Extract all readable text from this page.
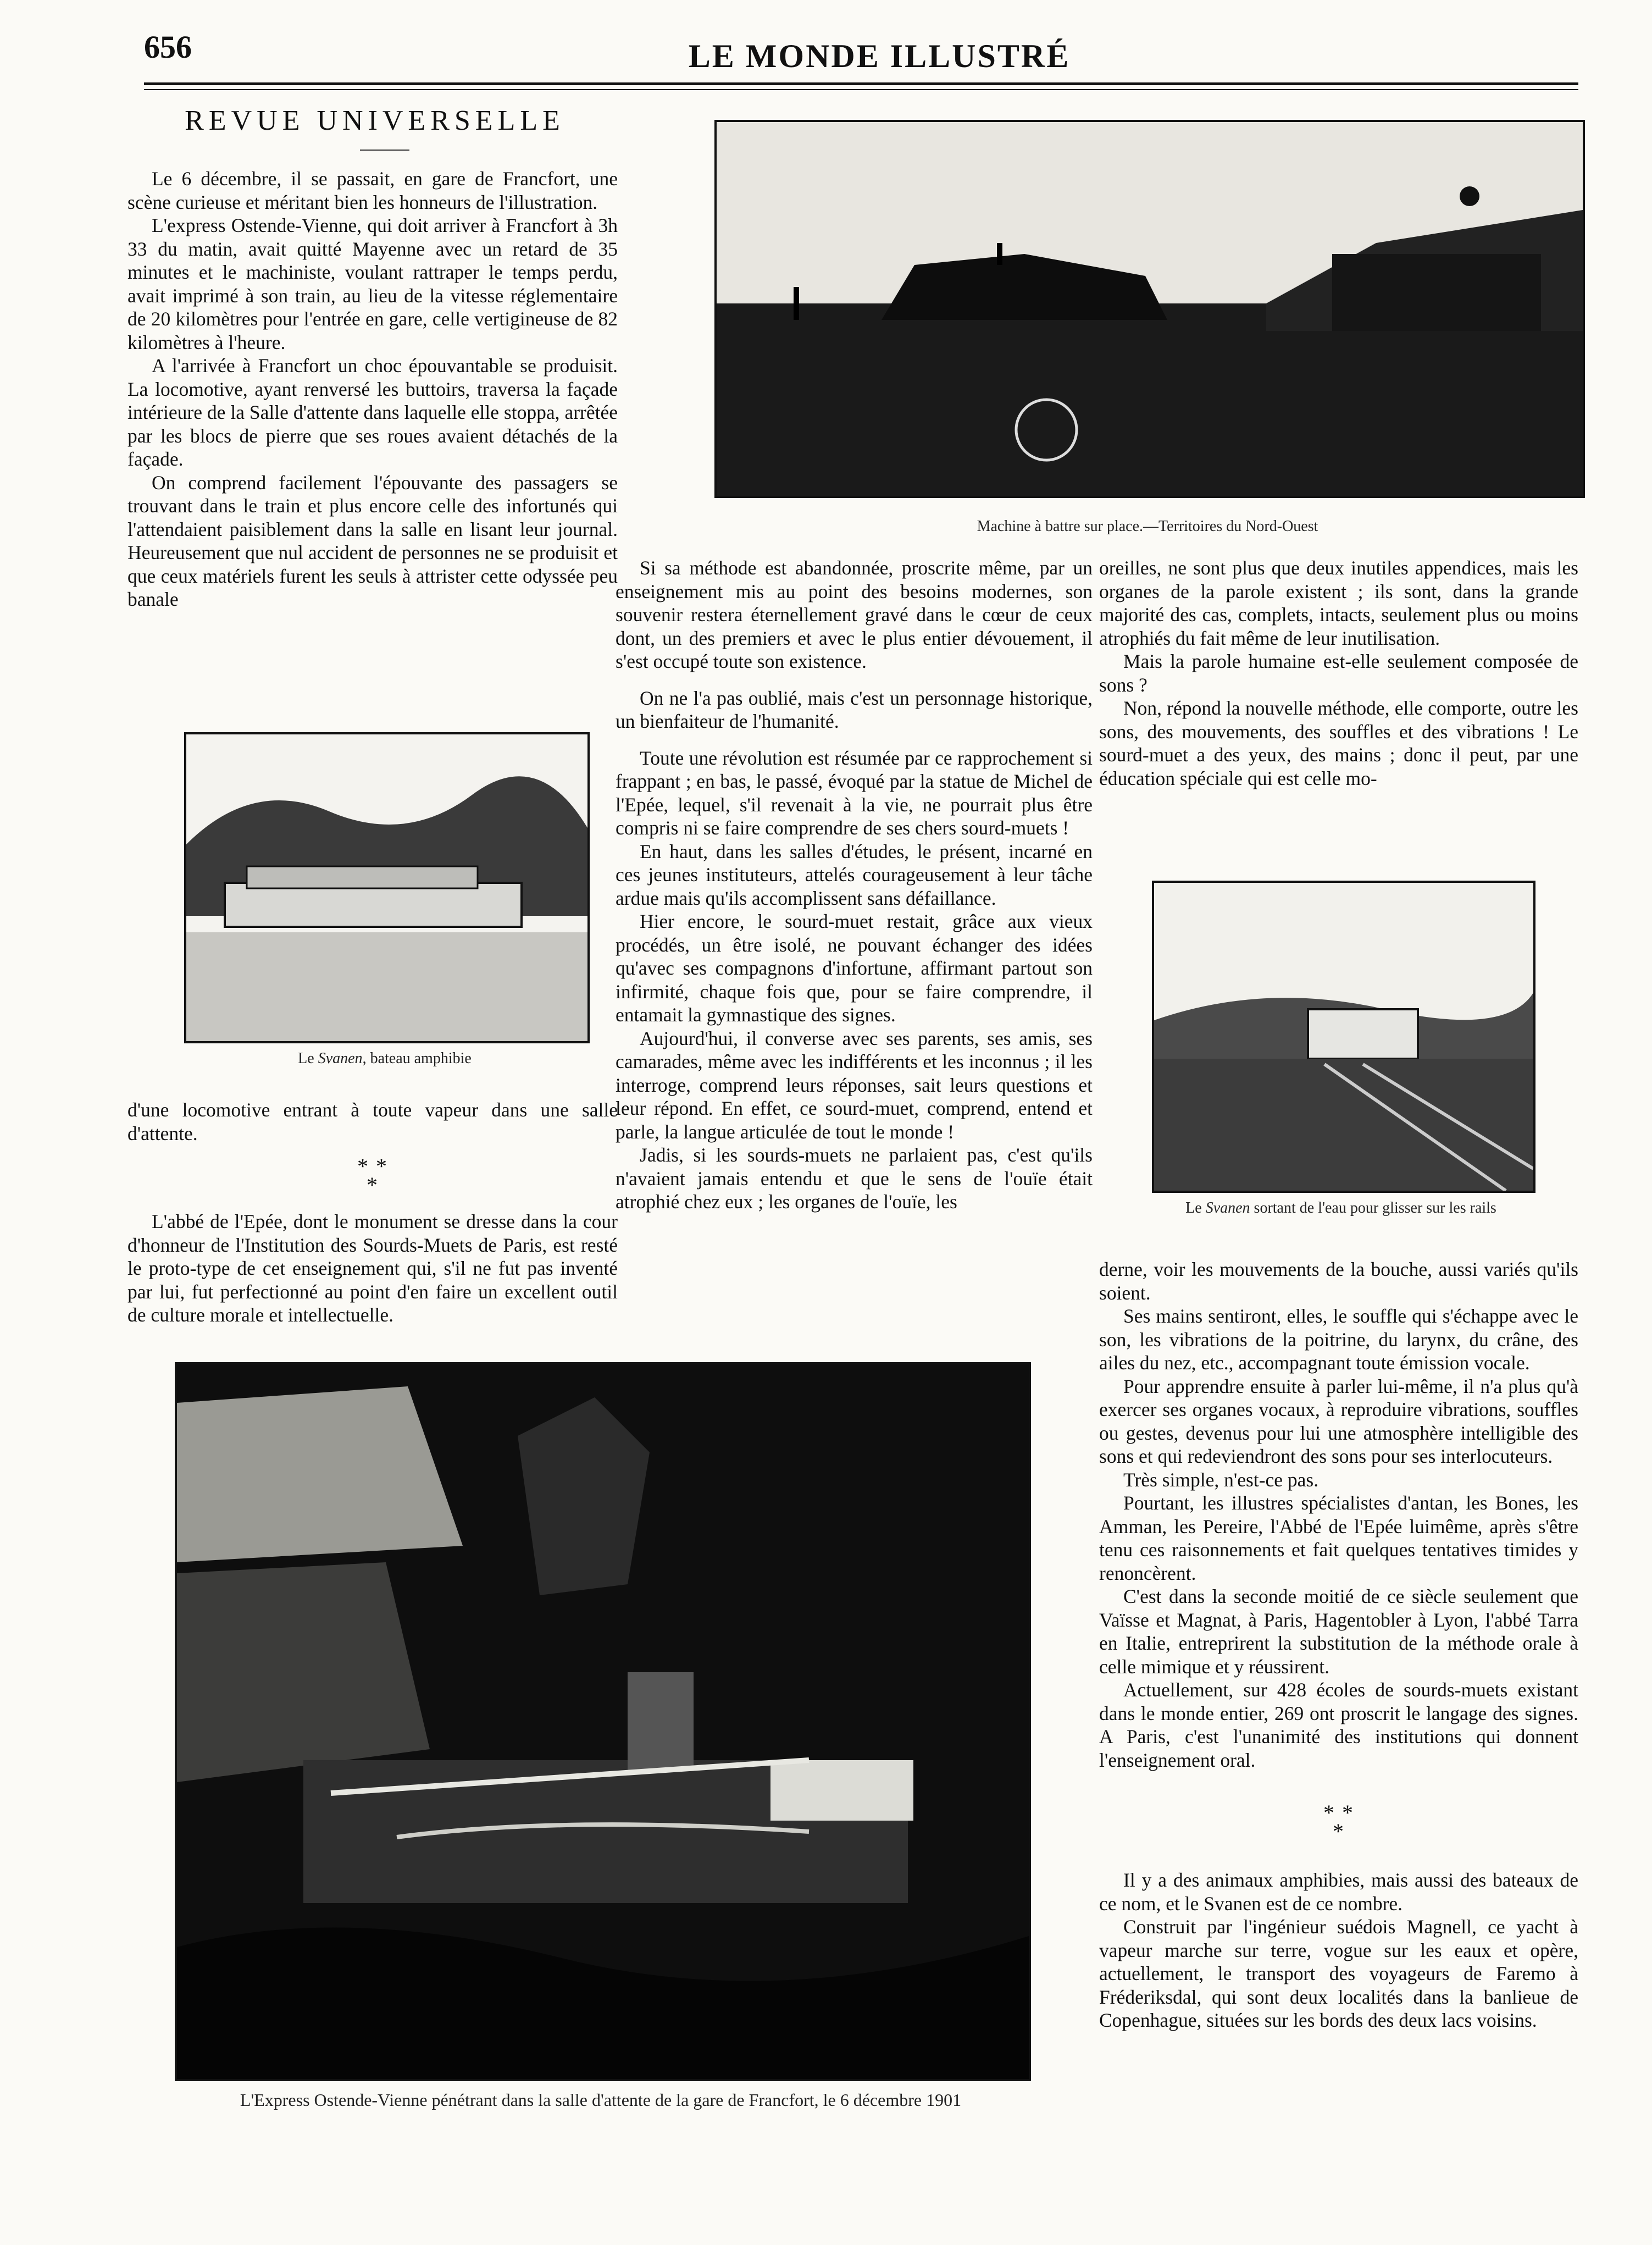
656	LE MONDE ILLUSTRÉ
REVUE UNIVERSELLE

Le 6 décembre, il se passait, en gare de Francfort, une scène curieuse et méritant bien les honneurs de l'illustration.

L'express Ostende-Vienne, qui doit arriver à Francfort à 3h 33 du matin, avait quitté Mayenne avec un retard de 35 minutes et le machiniste, voulant rattraper le temps perdu, avait imprimé à son train, au lieu de la vitesse réglementaire de 20 kilomètres pour l'entrée en gare, celle vertigineuse de 82 kilomètres à l'heure.

A l'arrivée à Francfort un choc épouvantable se produisit. La locomotive, ayant renversé les buttoirs, traversa la façade intérieure de la Salle d'attente dans laquelle elle stoppa, arrêtée par les blocs de pierre que ses roues avaient détachés de la façade.

On comprend facilement l'épouvante des passagers se trouvant dans le train et plus encore celle des infortunés qui l'attendaient paisiblement dans la salle en lisant leur journal. Heureusement que nul accident de personnes ne se produisit et que ceux matériels furent les seuls à attrister cette odyssée peu banale

Machine à battre sur place.—Territoires du Nord-Ouest
Le Svanen, bateau amphibie

d'une locomotive entrant à toute vapeur dans une salle d'attente.

* *
*

L'abbé de l'Epée, dont le monument se dresse dans la cour d'honneur de l'Institution des Sourds-Muets de Paris, est resté le proto-type de cet enseignement qui, s'il ne fut pas inventé par lui, fut perfectionné au point d'en faire un excellent outil de culture morale et intellectuelle.

Si sa méthode est abandonnée, proscrite même, par un enseignement mis au point des besoins modernes, son souvenir restera éternellement gravé dans le cœur de ceux dont, un des premiers et avec le plus entier dévouement, il s'est occupé toute son existence.

On ne l'a pas oublié, mais c'est un personnage historique, un bienfaiteur de l'humanité.

Toute une révolution est résumée par ce rapprochement si frappant ; en bas, le passé, évoqué par la statue de Michel de l'Epée, lequel, s'il revenait à la vie, ne pourrait plus être compris ni se faire comprendre de ses chers sourd-muets !

En haut, dans les salles d'études, le présent, incarné en ces jeunes instituteurs, attelés courageusement à leur tâche ardue mais qu'ils accomplissent sans défaillance.

Hier encore, le sourd-muet restait, grâce aux vieux procédés, un être isolé, ne pouvant échanger des idées qu'avec ses compagnons d'infortune, affirmant partout son infirmité, chaque fois que, pour se faire comprendre, il entamait la gymnastique des signes.

Aujourd'hui, il converse avec ses parents, ses amis, ses camarades, même avec les indifférents et les inconnus ; il les interroge, comprend leurs réponses, sait leurs questions et leur répond. En effet, ce sourd-muet, comprend, entend et parle, la langue articulée de tout le monde !

Jadis, si les sourds-muets ne parlaient pas, c'est qu'ils n'avaient jamais entendu et que le sens de l'ouïe était atrophié chez eux ; les organes de l'ouïe, les

oreilles, ne sont plus que deux inutiles appendices, mais les organes de la parole existent ; ils sont, dans la grande majorité des cas, complets, intacts, seulement plus ou moins atrophiés du fait même de leur inutilisation.

Mais la parole humaine est-elle seulement composée de sons ?

Non, répond la nouvelle méthode, elle comporte, outre les sons, des mouvements, des souffles et des vibrations ! Le sourd-muet a des yeux, des mains ; donc il peut, par une éducation spéciale qui est celle mo-

Le Svanen sortant de l'eau pour glisser sur les rails

derne, voir les mouvements de la bouche, aussi variés qu'ils soient.

Ses mains sentiront, elles, le souffle qui s'échappe avec le son, les vibrations de la poitrine, du larynx, du crâne, des ailes du nez, etc., accompagnant toute émission vocale.

Pour apprendre ensuite à parler lui-même, il n'a plus qu'à exercer ses organes vocaux, à reproduire vibrations, souffles ou gestes, devenus pour lui une atmosphère intelligible des sons et qui redeviendront des sons pour ses interlocuteurs.

Très simple, n'est-ce pas.

Pourtant, les illustres spécialistes d'antan, les Bones, les Amman, les Pereire, l'Abbé de l'Epée luimême, après s'être tenu ces raisonnements et fait quelques tentatives timides y renoncèrent.

C'est dans la seconde moitié de ce siècle seulement que Vaïsse et Magnat, à Paris, Hagentobler à Lyon, l'abbé Tarra en Italie, entreprirent la substitution de la méthode orale à celle mimique et y réussirent.

Actuellement, sur 428 écoles de sourds-muets existant dans le monde entier, 269 ont proscrit le langage des signes. A Paris, c'est l'unanimité des institutions qui donnent l'enseignement oral.

* *
*

Il y a des animaux amphibies, mais aussi des bateaux de ce nom, et le Svanen est de ce nombre.

Construit par l'ingénieur suédois Magnell, ce yacht à vapeur marche sur terre, vogue sur les eaux et opère, actuellement, le transport des voyageurs de Faremo à Fréderiksdal, qui sont deux localités dans la banlieue de Copenhague, situées sur les bords des deux lacs voisins.

L'Express Ostende-Vienne pénétrant dans la salle d'attente de la gare de Francfort, le 6 décembre 1901
